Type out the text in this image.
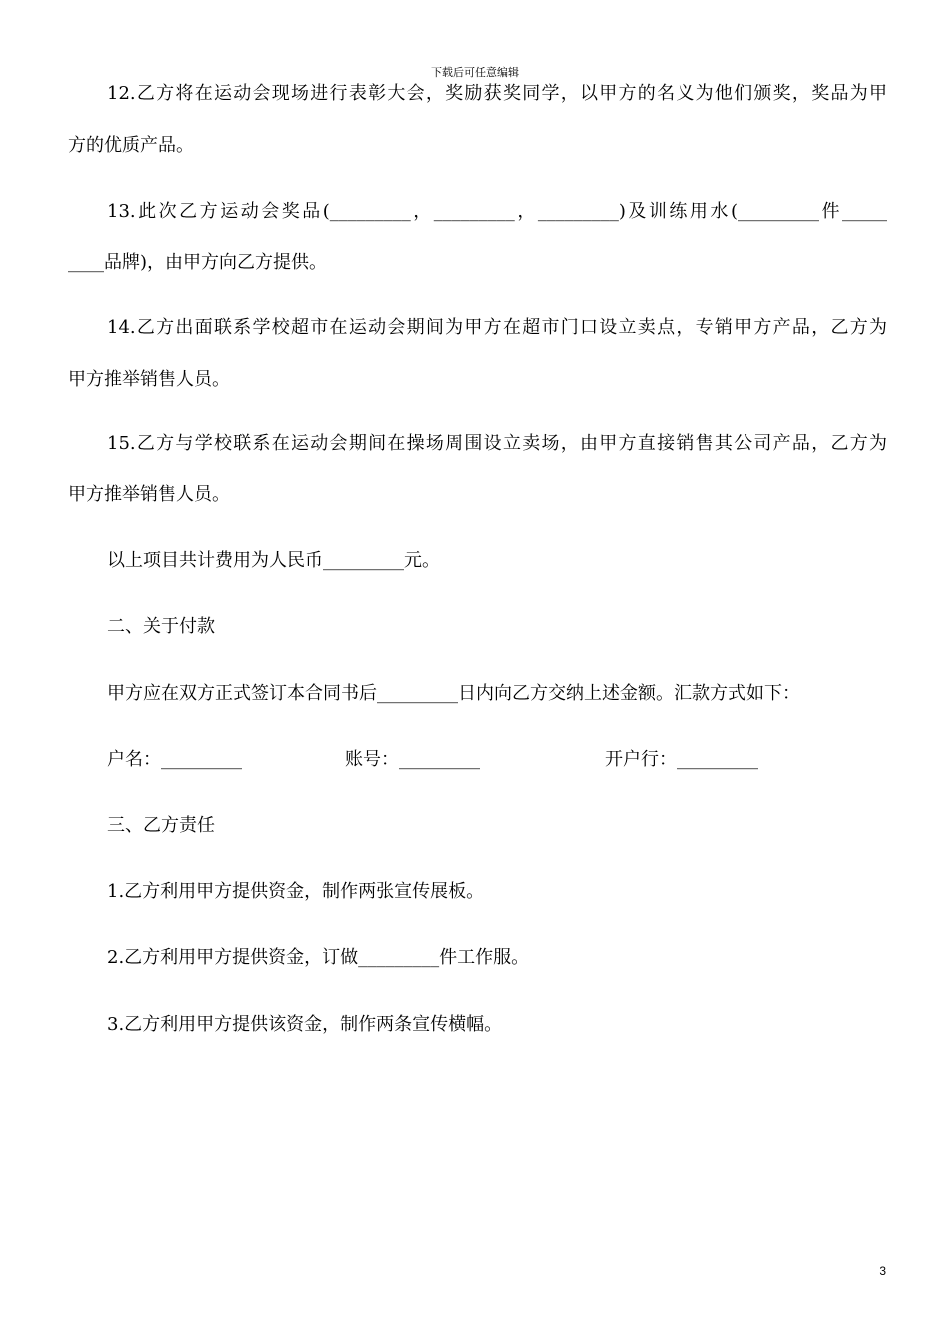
下载后可任意编辑
12.乙方将在运动会现场进行表彰大会，奖励获奖同学，以甲方的名义为他们颁奖，奖品为甲
方的优质产品。
13.此次乙方运动会奖品(_________，_________，_________)及训练用水(_________件_____
____品牌)，由甲方向乙方提供。
14.乙方出面联系学校超市在运动会期间为甲方在超市门口设立卖点，专销甲方产品，乙方为
甲方推举销售人员。
15.乙方与学校联系在运动会期间在操场周围设立卖场，由甲方直接销售其公司产品，乙方为
甲方推举销售人员。
以上项目共计费用为人民币_________元。
二、关于付款
甲方应在双方正式签订本合同书后_________日内向乙方交纳上述金额。汇款方式如下：
户名：_________	账号：_________	开户行：_________
三、乙方责任
1.乙方利用甲方提供资金，制作两张宣传展板。
2.乙方利用甲方提供资金，订做_________件工作服。
3.乙方利用甲方提供该资金，制作两条宣传横幅。
3
